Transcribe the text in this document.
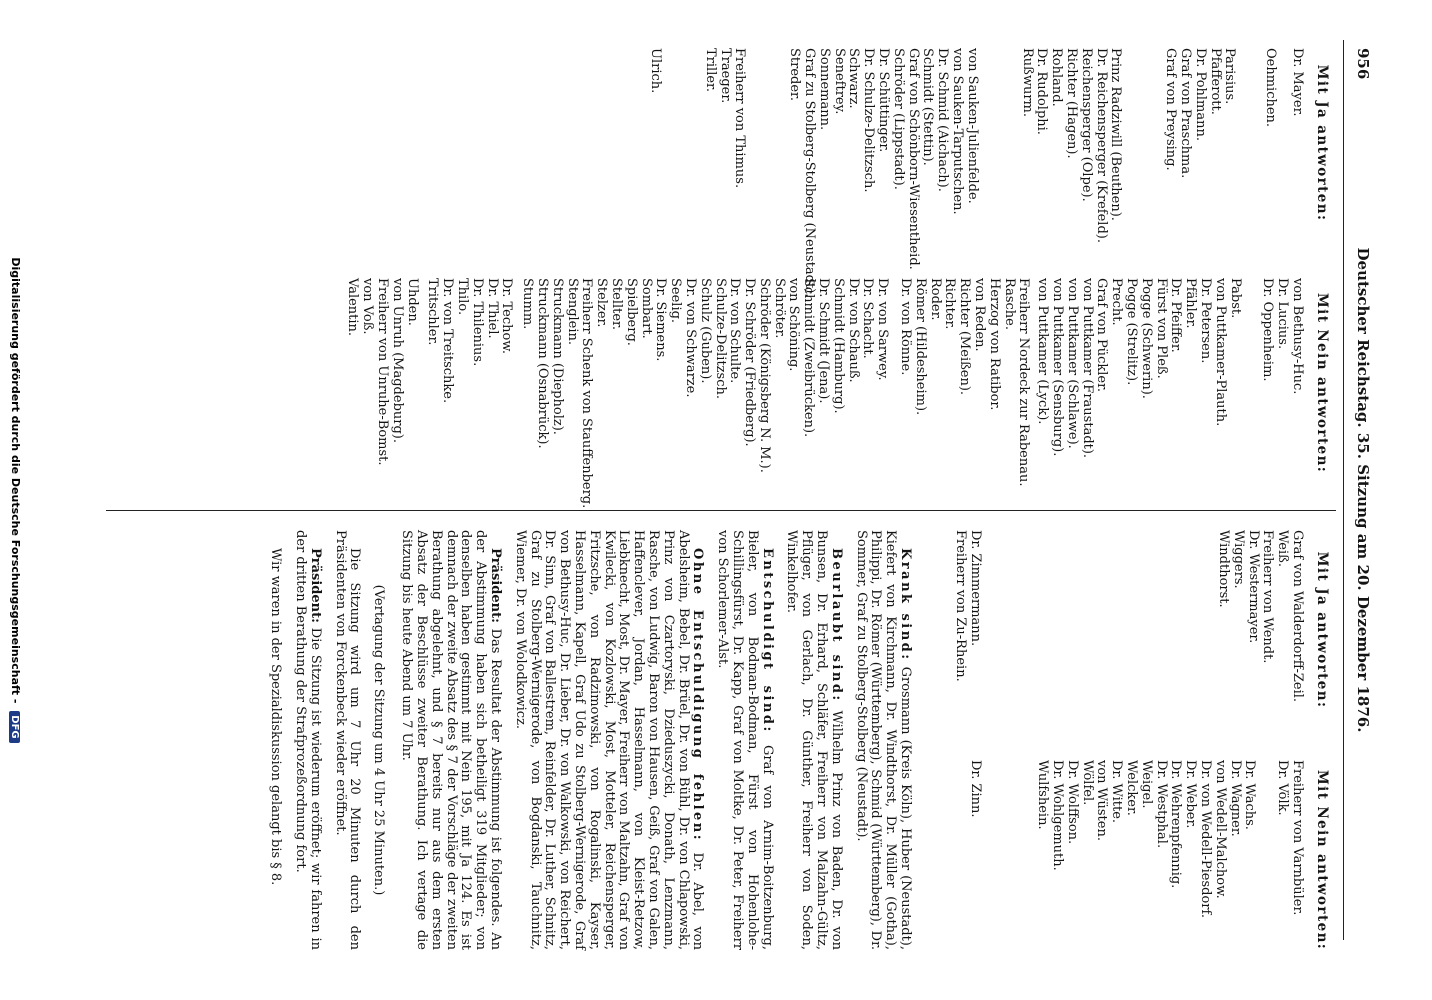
956
Deutscher Reichstag. 35. Sitzung am 20. Dezember 1876.
Mit Ja antworten:
Dr. Mayer.
Oehmichen.
Parisius.
Pfafferott.
Dr. Pohlmann.
Graf von Praschma.
Graf von Preysing.
Prinz Radziwill (Beuthen).
Dr. Reichensperger (Krefeld).
Reichensperger (Olpe).
Richter (Hagen).
Rohland.
Dr. Rudolphi.
Rußwurm.
von Sauken-Julienfelde.
von Sauken-Tarputschen.
Dr. Schmid (Aichach).
Schmidt (Stettin).
Graf von Schönborn-Wiesentheid.
Schröder (Lippstadt).
Dr. Schüttinger.
Dr. Schulze-Delitzsch.
Schwarz.
Seneftrey.
Sonnemann.
Graf zu Stolberg-Stolberg (Neustadt).
Streder.
Freiherr von Thimus.
Traeger.
Triller.
Ulrich.
Mit Nein antworten:
von Bethusy-Huc.
Dr. Lucius.
Dr. Oppenheim.
Pabst.
von Puttkamer-Plauth.
Dr. Petersen.
Pfähler.
Dr. Pfeiffer.
Fürst von Pleß.
Pogge (Schwerin).
Pogge (Strelitz).
Precht.
Graf von Pückler.
von Puttkamer (Fraustadt).
von Puttkamer (Schlawe).
von Puttkamer (Sensburg).
von Puttkamer (Lyck).
Freiherr Nordeck zur Rabenau.
Rasche.
Herzog von Ratibor.
von Reden.
Richter (Meißen).
Richter.
Roder.
Römer (Hildesheim).
Dr. von Rönne.
Dr. von Sarwey.
Dr. Schacht.
Dr. von Schauß.
Schmidt (Hamburg).
Dr. Schmidt (Jena).
Schmidt (Zweibrücken).
von Schöning.
Schröter.
Schröder (Königsberg N. M.).
Dr. Schröder (Friedberg).
Dr. von Schulte.
Schulze-Delitzsch.
Schulz (Guben).
Dr. von Schwarze.
Seelig.
Dr. Siemens.
Sombart.
Spielberg.
Stellter.
Stelzer.
Freiherr Schenk von Stauffenberg.
Stenglein.
Struckmann (Diepholz).
Struckmann (Osnabrück).
Stumm.
Dr. Techow.
Dr. Thiel.
Dr. Thilenius.
Thilo.
Dr. von Treitschke.
Tritschler.
Uhden.
von Unruh (Magdeburg).
Freiherr von Unruhe-Bomst.
von Voß.
Valentin.
Mit Ja antworten:
Graf von Walderdorff-Zeil.
Weiß.
Freiherr von Wendt.
Dr. Westermayer.
Wiggers.
Windthorst.
Dr. Zimmermann.
Freiherr von Zu-Rhein.
Mit Nein antworten:
Freiherr von Varnbüler.
Dr. Völk.
Dr. Wachs.
Dr. Wagner.
von Wedell-Malchow.
Dr. von Wedell-Piesdorf.
Dr. Weber.
Dr. Wehrenpfennig.
Dr. Westphal.
Weigel.
Welcker.
Dr. Witte.
von Wüsten.
Wölfel.
Dr. Wolffson.
Dr. Wohlgemuth.
Wulfshein.
Dr. Zinn.
Krank sind: Grosmann (Kreis Köln), Huber (Neustadt), Kiefert von Kirchmann, Dr. Windthorst, Dr. Müller (Gotha), Philippi, Dr. Römer (Württemberg), Schmid (Württemberg), Dr. Sommer, Graf zu Stolberg-Stolberg (Neustadt).
Beurlaubt sind: Wilhelm Prinz von Baden, Dr. von Bunsen, Dr. Erhard, Schläfer, Freiherr von Malzahn-Gültz, Pflüger, von Gerlach, Dr. Günther, Freiherr von Soden, Winkelhofer.
Entschuldigt sind: Graf von Arnim-Boitzenburg, Bieler, von Bodman-Bodman, Fürst von Hohenlohe-Schillingsfürst, Dr. Kapp, Graf von Moltke, Dr. Peter, Freiherr von Schorlemer-Alst.
Ohne Entschuldigung fehlen: Dr. Abel, von Abelsheim, Bebel, Dr. Brüel, Dr. von Bühl, Dr. von Chlapowski, Prinz von Czartoryski, Dzieduszycki, Donath, Lenzmann, Rasche, von Ludwig, Baron von Hausen, Geiß, Graf von Galen, Haffenclever, Jordan, Hasselmann, von Kleist-Retzow, Liebknecht, Most, Dr. Mayer, Freiherr von Maltzahn, Graf von Kwilecki, von Kozlowski, Most, Motteler, Reichensperger, Fritzsche, von Radzimowski, von Rogalinski, Kayser, Hasselmann, Kapell, Graf Udo zu Stolberg-Wernigerode, Graf von Bethusy-Huc, Dr. Lieber, Dr. von Walkowski, von Reichert, Dr. Sinn, Graf von Ballestrem, Reinfelder, Dr. Luther, Schnitz, Graf zu Stolberg-Wernigerode, von Bogdanski, Tauchnitz, Wiemer, Dr. von Wolodkowicz.
Präsident: Das Resultat der Abstimmung ist folgendes. An der Abstimmung haben sich betheiligt 319 Mitglieder; von denselben haben gestimmt mit Nein 195, mit Ja 124. Es ist demnach der zweite Absatz des § 7 der Vorschläge der zweiten Berathung abgelehnt, und § 7 bereits nur aus dem ersten Absatz der Beschlüsse zweiter Berathung. Ich vertage die Sitzung bis heute Abend um 7 Uhr.
(Vertagung der Sitzung um 4 Uhr 25 Minuten.)
Die Sitzung wird um 7 Uhr 20 Minuten durch den Präsidenten von Forckenbeck wieder eröffnet.
Präsident: Die Sitzung ist wiederum eröffnet; wir fahren in der dritten Berathung der Strafprozeßordnung fort.
Wir waren in der Spezialdiskussion gelangt bis § 8.
Digitalisierung gefördert durch die Deutsche Forschungsgemeinschaft - DFG
